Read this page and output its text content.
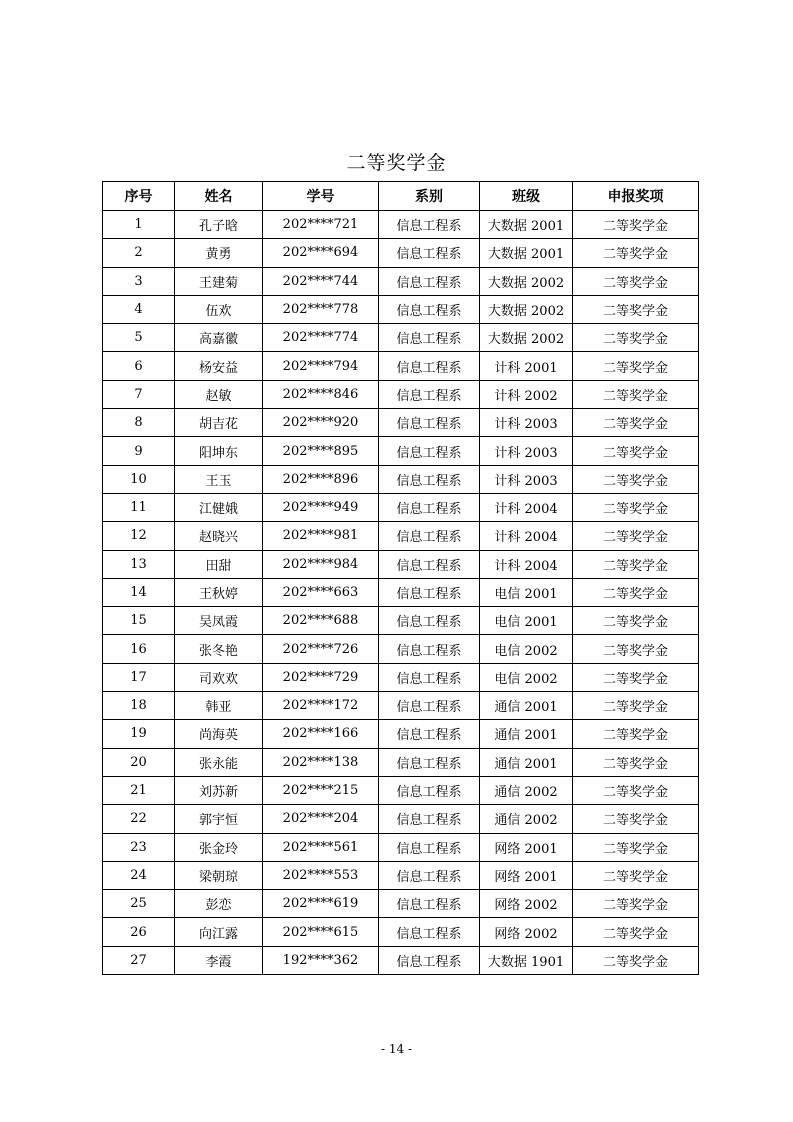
二等奖学金
序号	姓名	学号	系别	班级	申报奖项
1	孔子晗	202****721	信息工程系	大数据 2001	二等奖学金
2	黄勇	202****694	信息工程系	大数据 2001	二等奖学金
3	王建菊	202****744	信息工程系	大数据 2002	二等奖学金
4	伍欢	202****778	信息工程系	大数据 2002	二等奖学金
5	高嘉徽	202****774	信息工程系	大数据 2002	二等奖学金
6	杨安益	202****794	信息工程系	计科 2001	二等奖学金
7	赵敏	202****846	信息工程系	计科 2002	二等奖学金
8	胡吉花	202****920	信息工程系	计科 2003	二等奖学金
9	阳坤东	202****895	信息工程系	计科 2003	二等奖学金
10	王玉	202****896	信息工程系	计科 2003	二等奖学金
11	江健娥	202****949	信息工程系	计科 2004	二等奖学金
12	赵晓兴	202****981	信息工程系	计科 2004	二等奖学金
13	田甜	202****984	信息工程系	计科 2004	二等奖学金
14	王秋婷	202****663	信息工程系	电信 2001	二等奖学金
15	吴凤霞	202****688	信息工程系	电信 2001	二等奖学金
16	张冬艳	202****726	信息工程系	电信 2002	二等奖学金
17	司欢欢	202****729	信息工程系	电信 2002	二等奖学金
18	韩亚	202****172	信息工程系	通信 2001	二等奖学金
19	尚海英	202****166	信息工程系	通信 2001	二等奖学金
20	张永能	202****138	信息工程系	通信 2001	二等奖学金
21	刘苏新	202****215	信息工程系	通信 2002	二等奖学金
22	郭宇恒	202****204	信息工程系	通信 2002	二等奖学金
23	张金玲	202****561	信息工程系	网络 2001	二等奖学金
24	梁朝琼	202****553	信息工程系	网络 2001	二等奖学金
25	彭恋	202****619	信息工程系	网络 2002	二等奖学金
26	向江露	202****615	信息工程系	网络 2002	二等奖学金
27	李霞	192****362	信息工程系	大数据 1901	二等奖学金
- 14 -
